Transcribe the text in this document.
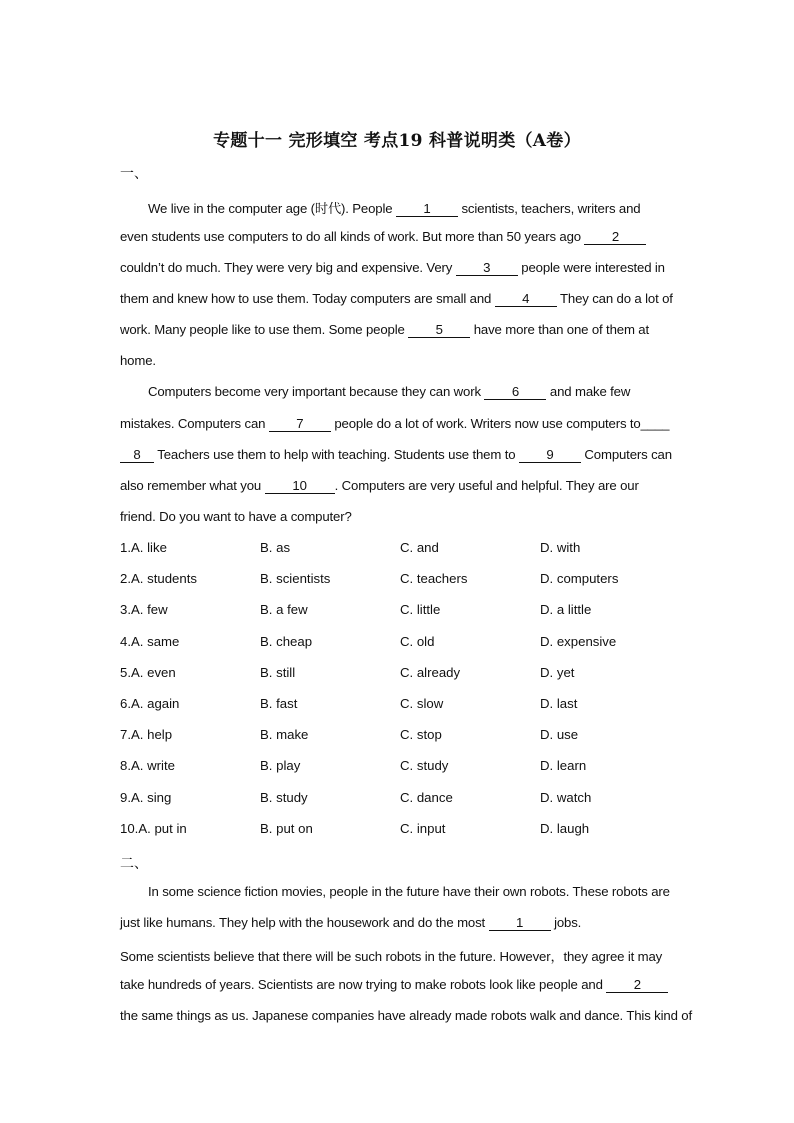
专题十一 完形填空 考点19 科普说明类（A卷）
一、
We live in the computer age (时代). People 1 scientists, teachers, writers and
even students use computers to do all kinds of work. But more than 50 years ago 2
couldn’t do much. They were very big and expensive. Very 3 people were interested in
them and knew how to use them. Today computers are small and 4 They can do a lot of
work. Many people like to use them. Some people 5 have more than one of them at
home.
Computers become very important because they can work 6 and make few
mistakes. Computers can 7 people do a lot of work. Writers now use computers to____
8 Teachers use them to help with teaching. Students use them to 9 Computers can
also remember what you 10 . Computers are very useful and helpful. They are our
friend. Do you want to have a computer?
1.A. like	B. as	C. and	D. with
2.A. students	B. scientists	C. teachers	D. computers
3.A. few	B. a few	C. little	D. a little
4.A. same	B. cheap	C. old	D. expensive
5.A. even	B. still	C. already	D. yet
6.A. again	B. fast	C. slow	D. last
7.A. help	B. make	C. stop	D. use
8.A. write	B. play	C. study	D. learn
9.A. sing	B. study	C. dance	D. watch
10.A. put in	B. put on	C. input	D. laugh
二、
In some science fiction movies, people in the future have their own robots. These robots are
just like humans. They help with the housework and do the most 1 jobs.
Some scientists believe that there will be such robots in the future. However，they agree it may
take hundreds of years. Scientists are now trying to make robots look like people and 2
the same things as us. Japanese companies have already made robots walk and dance. This kind of
